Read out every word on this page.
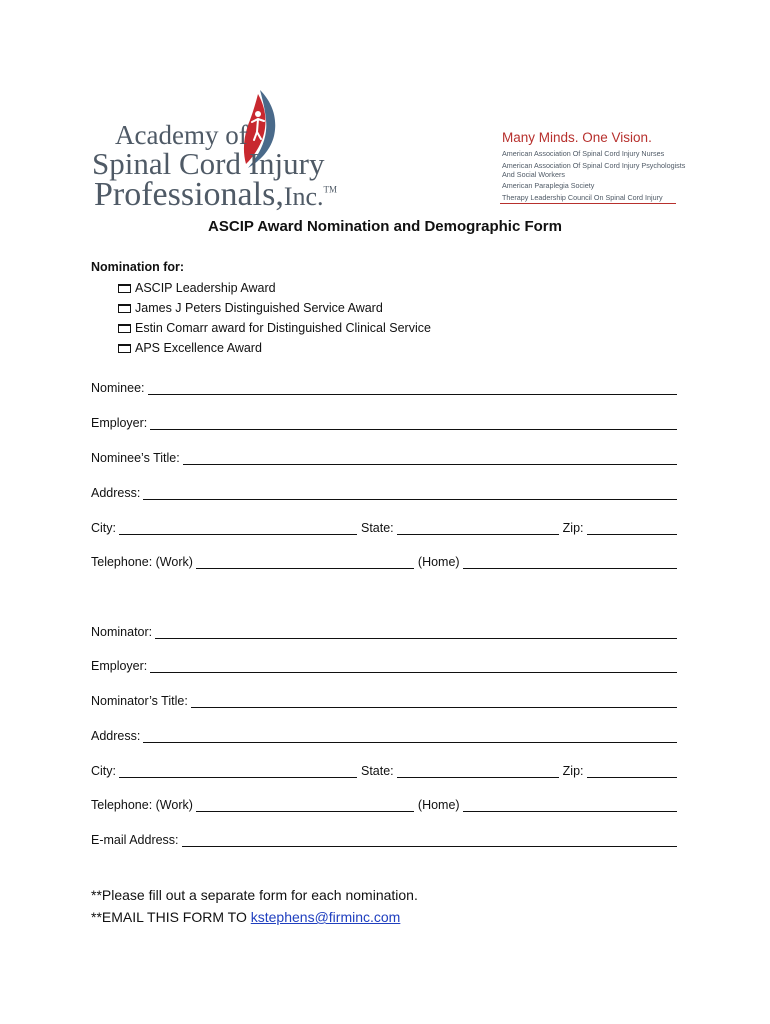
Academy of
Spinal Cord Injury
Professionals,Inc.™
Many Minds. One Vision.
American Association Of Spinal Cord Injury Nurses
American Association Of Spinal Cord Injury Psychologists And Social Workers
American Paraplegia Society
Therapy Leadership Council On Spinal Cord Injury
ASCIP Award Nomination and Demographic Form
Nomination for:
ASCIP Leadership Award
James J Peters Distinguished Service Award
Estin Comarr award for Distinguished Clinical Service
APS Excellence Award
Nominee:
Employer:
Nominee’s Title:
Address:
City:	State:	Zip:
Telephone: (Work)	(Home)
Nominator:
Employer:
Nominator’s Title:
Address:
City:	State:	Zip:
Telephone: (Work)	(Home)
E-mail Address:
**Please fill out a separate form for each nomination.
**EMAIL THIS FORM TO kstephens@firminc.com
